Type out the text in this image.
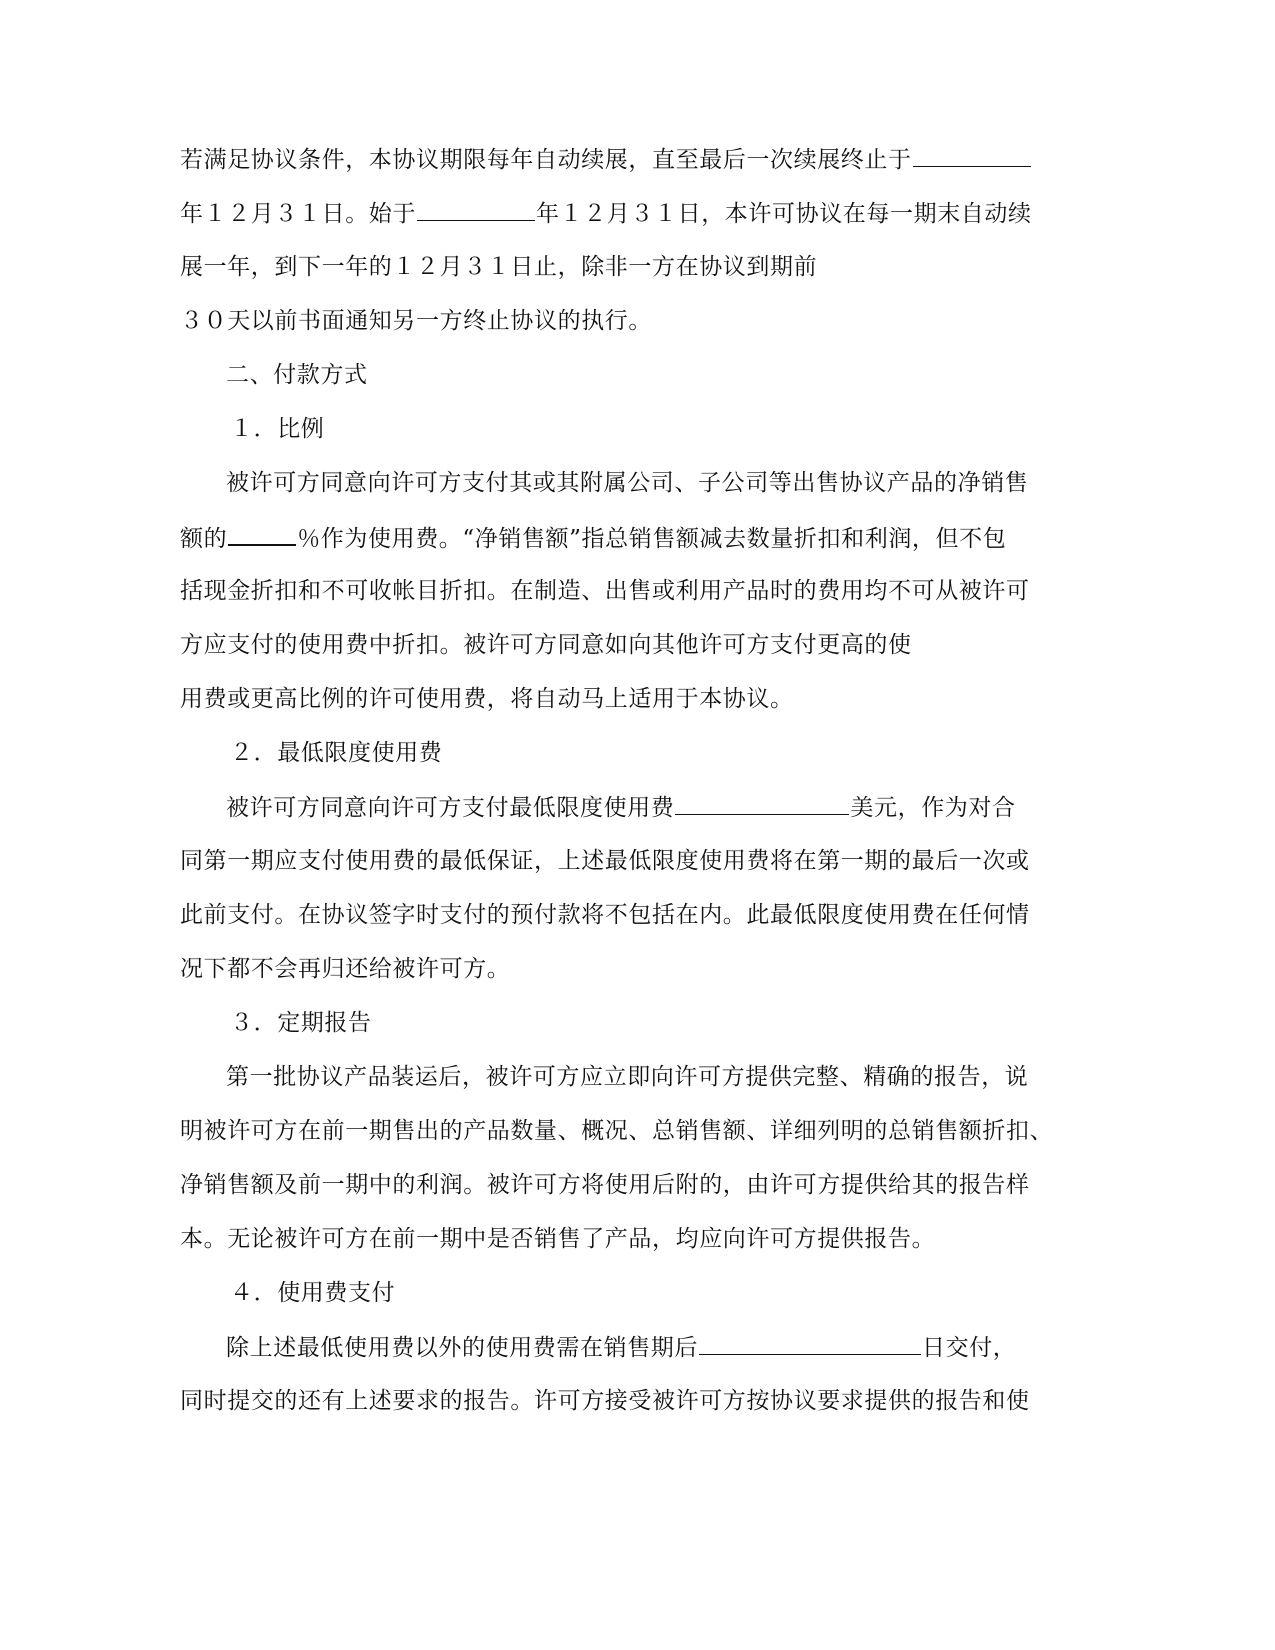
若满足协议条件，本协议期限每年自动续展，直至最后一次续展终止于
年１２月３１日。始于	年１２月３１日，本许可协议在每一期末自动续
展一年，到下一年的１２月３１日止，除非一方在协议到期前
３０天以前书面通知另一方终止协议的执行。
二、付款方式
１．比例
被许可方同意向许可方支付其或其附属公司、子公司等出售协议产品的净销售
额的	％作为使用费。“净销售额”指总销售额减去数量折扣和利润，但不包
括现金折扣和不可收帐目折扣。在制造、出售或利用产品时的费用均不可从被许可
方应支付的使用费中折扣。被许可方同意如向其他许可方支付更高的使
用费或更高比例的许可使用费，将自动马上适用于本协议。
２．最低限度使用费
被许可方同意向许可方支付最低限度使用费	美元，作为对合
同第一期应支付使用费的最低保证，上述最低限度使用费将在第一期的最后一次或
此前支付。在协议签字时支付的预付款将不包括在内。此最低限度使用费在任何情
况下都不会再归还给被许可方。
３．定期报告
第一批协议产品装运后，被许可方应立即向许可方提供完整、精确的报告，说
明被许可方在前一期售出的产品数量、概况、总销售额、详细列明的总销售额折扣、
净销售额及前一期中的利润。被许可方将使用后附的，由许可方提供给其的报告样
本。无论被许可方在前一期中是否销售了产品，均应向许可方提供报告。
４．使用费支付
除上述最低使用费以外的使用费需在销售期后	日交付，
同时提交的还有上述要求的报告。许可方接受被许可方按协议要求提供的报告和使
